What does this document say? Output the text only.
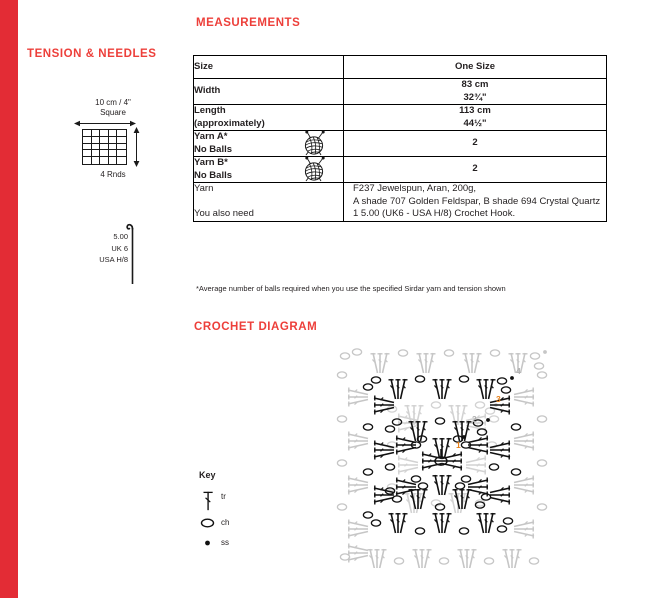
MEASUREMENTS
TENSION & NEEDLES
CROCHET DIAGRAM
10 cm / 4"
Square
4 Rnds
5.00
UK 6
USA H/8
Size	One Size
Width	83 cm
32¾"
Length
(approximately)	113 cm
44½"
Yarn A*
No Balls	2
Yarn B*
No Balls	2
Yarn

You also need	F237 Jewelspun, Aran, 200g,
A shade 707 Golden Feldspar, B shade 694 Crystal Quartz
1 5.00 (UK6 - USA H/8) Crochet Hook.
*Average number of balls required when you use the specified Sirdar yarn and tension shown
1
2
3
4
Key
tr
ch
ss
